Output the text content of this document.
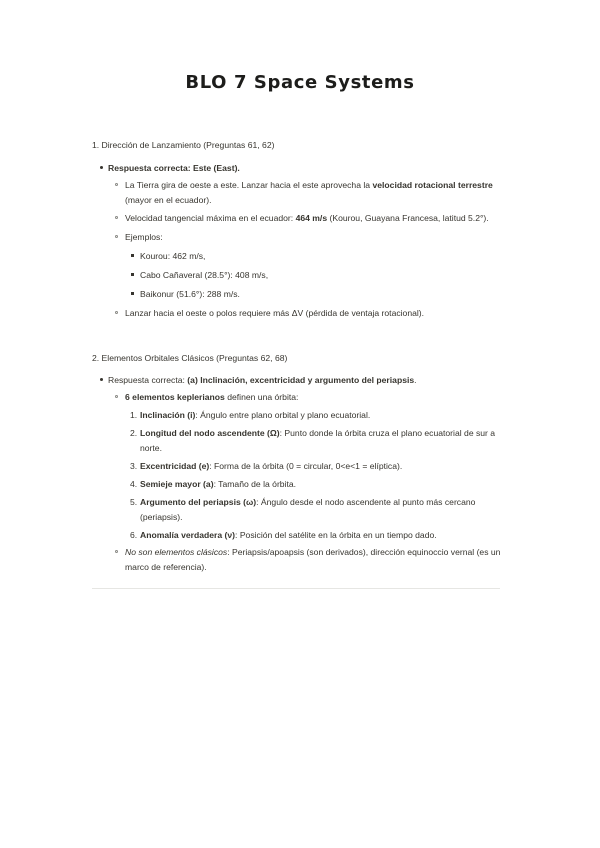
BLO 7 Space Systems
1. Dirección de Lanzamiento (Preguntas 61, 62)
Respuesta correcta: Este (East).
La Tierra gira de oeste a este. Lanzar hacia el este aprovecha la velocidad rotacional terrestre
(mayor en el ecuador).
Velocidad tangencial máxima en el ecuador: 464 m/s (Kourou, Guayana Francesa, latitud 5.2°).
Ejemplos:
Kourou: 462 m/s,
Cabo Cañaveral (28.5°): 408 m/s,
Baikonur (51.6°): 288 m/s.
Lanzar hacia el oeste o polos requiere más ΔV (pérdida de ventaja rotacional).
2. Elementos Orbitales Clásicos (Preguntas 62, 68)
Respuesta correcta: (a) Inclinación, excentricidad y argumento del periapsis.
6 elementos keplerianos definen una órbita:
1. Inclinación (i): Ángulo entre plano orbital y plano ecuatorial.
2. Longitud del nodo ascendente (Ω): Punto donde la órbita cruza el plano ecuatorial de sur a
norte.
3. Excentricidad (e): Forma de la órbita (0 = circular, 0<e<1 = elíptica).
4. Semieje mayor (a): Tamaño de la órbita.
5. Argumento del periapsis (ω): Ángulo desde el nodo ascendente al punto más cercano
(periapsis).
6. Anomalía verdadera (ν): Posición del satélite en la órbita en un tiempo dado.
No son elementos clásicos: Periapsis/apoapsis (son derivados), dirección equinoccio vernal (es un
marco de referencia).
